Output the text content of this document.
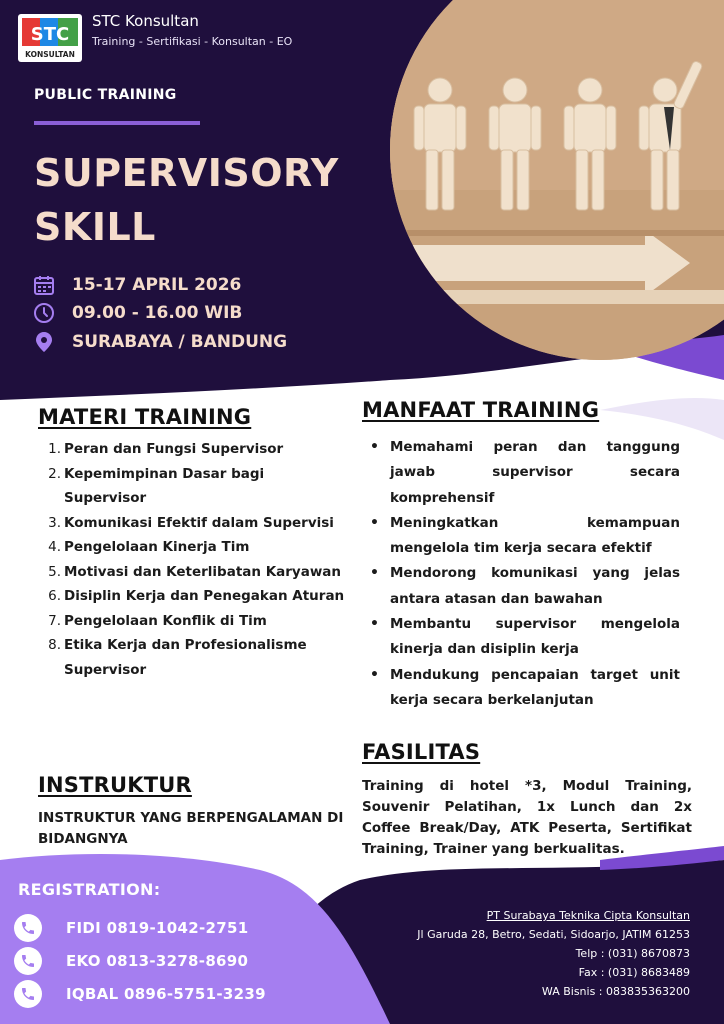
STC
KONSULTAN
STC Konsultan
Training - Sertifikasi - Konsultan - EO
PUBLIC TRAINING
SUPERVISORY
SKILL
15-17 APRIL 2026
09.00 - 16.00 WIB
SURABAYA / BANDUNG
MATERI TRAINING
1. Peran dan Fungsi Supervisor
2. Kepemimpinan Dasar bagi Supervisor
3. Komunikasi Efektif dalam Supervisi
4. Pengelolaan Kinerja Tim
5. Motivasi dan Keterlibatan Karyawan
6. Disiplin Kerja dan Penegakan Aturan
7. Pengelolaan Konflik di Tim
8. Etika Kerja dan Profesionalisme Supervisor
INSTRUKTUR
INSTRUKTUR YANG BERPENGALAMAN DI BIDANGNYA
MANFAAT TRAINING
• Memahami peran dan tanggung jawab supervisor secara komprehensif
• Meningkatkan kemampuan mengelola tim kerja secara efektif
• Mendorong komunikasi yang jelas antara atasan dan bawahan
• Membantu supervisor mengelola kinerja dan disiplin kerja
• Mendukung pencapaian target unit kerja secara berkelanjutan
FASILITAS
Training di hotel *3, Modul Training, Souvenir Pelatihan, 1x Lunch dan 2x Coffee Break/Day, ATK Peserta, Sertifikat Training, Trainer yang berkualitas.
REGISTRATION:
FIDI 0819-1042-2751
EKO 0813-3278-8690
IQBAL 0896-5751-3239
PT Surabaya Teknika Cipta Konsultan
Jl Garuda 28, Betro, Sedati, Sidoarjo, JATIM 61253
Telp : (031) 8670873
Fax : (031) 8683489
WA Bisnis : 083835363200
